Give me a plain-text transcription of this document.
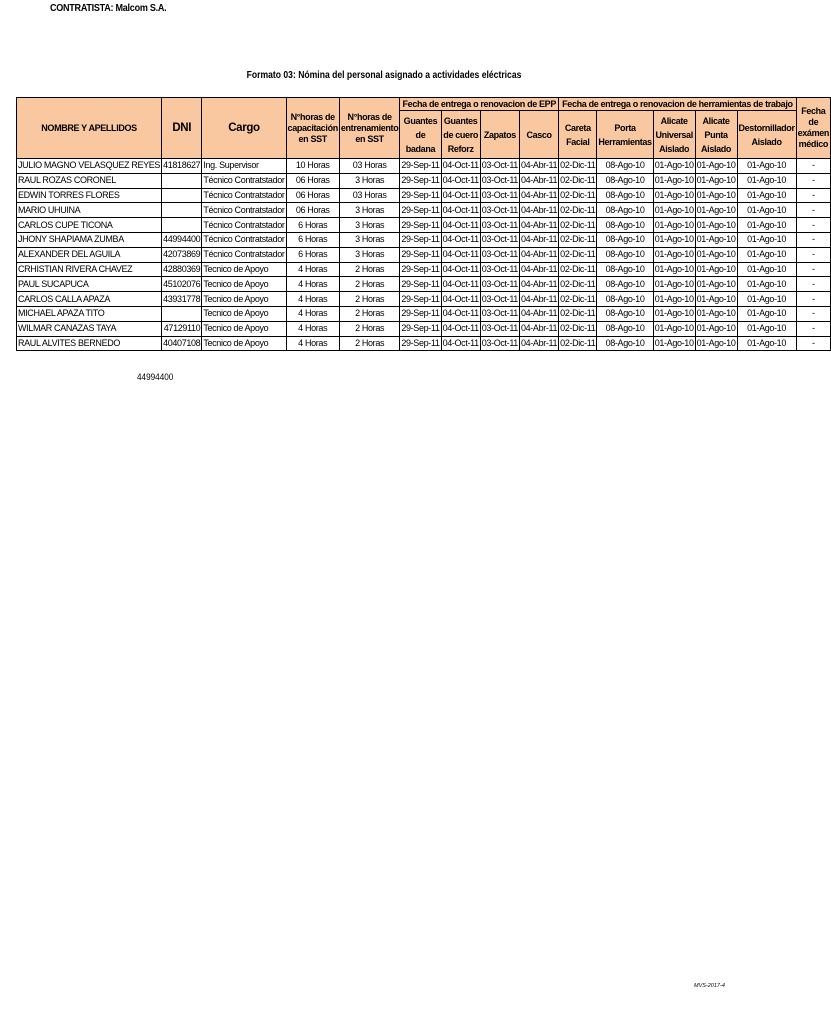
CONTRATISTA: Malcom S.A.
Formato 03: Nómina del personal asignado a actividades eléctricas
NOMBRE Y APELLIDOS	DNI	Cargo	N°horas de capacitación en SST	N°horas de entrenamiento en SST	Fecha de entrega o renovacion de EPP				Fecha de entrega o renovacion de herramientas de trabajo					Fecha de exámen médico
					Guantes de badana	Guantes de cuero Reforz	Zapatos	Casco	Careta Facial	Porta Herramientas	Alicate Universal Aislado	Alicate Punta Aislado	Destornillador Aislado	
JULIO MAGNO VELASQUEZ REYES	41818627	Ing. Supervisor	10 Horas	03 Horas	29-Sep-11	04-Oct-11	03-Oct-11	04-Abr-11	02-Dic-11	08-Ago-10	01-Ago-10	01-Ago-10	01-Ago-10	-
RAUL ROZAS CORONEL		Técnico Contratstador	06 Horas	3 Horas	29-Sep-11	04-Oct-11	03-Oct-11	04-Abr-11	02-Dic-11	08-Ago-10	01-Ago-10	01-Ago-10	01-Ago-10	-
EDWIN TORRES FLORES		Técnico Contratstador	06 Horas	03 Horas	29-Sep-11	04-Oct-11	03-Oct-11	04-Abr-11	02-Dic-11	08-Ago-10	01-Ago-10	01-Ago-10	01-Ago-10	-
MARIO UHUINA		Técnico Contratstador	06 Horas	3 Horas	29-Sep-11	04-Oct-11	03-Oct-11	04-Abr-11	02-Dic-11	08-Ago-10	01-Ago-10	01-Ago-10	01-Ago-10	-
CARLOS CUPE TICONA		Técnico Contratstador	6 Horas	3 Horas	29-Sep-11	04-Oct-11	03-Oct-11	04-Abr-11	02-Dic-11	08-Ago-10	01-Ago-10	01-Ago-10	01-Ago-10	-
JHONY SHAPIAMA ZUMBA	44994400	Técnico Contratstador	6 Horas	3 Horas	29-Sep-11	04-Oct-11	03-Oct-11	04-Abr-11	02-Dic-11	08-Ago-10	01-Ago-10	01-Ago-10	01-Ago-10	-
ALEXANDER DEL AGUILA	42073869	Técnico Contratstador	6 Horas	3 Horas	29-Sep-11	04-Oct-11	03-Oct-11	04-Abr-11	02-Dic-11	08-Ago-10	01-Ago-10	01-Ago-10	01-Ago-10	-
CRHISTIAN RIVERA CHAVEZ	42880369	Tecnico de Apoyo	4 Horas	2 Horas	29-Sep-11	04-Oct-11	03-Oct-11	04-Abr-11	02-Dic-11	08-Ago-10	01-Ago-10	01-Ago-10	01-Ago-10	-
PAUL SUCAPUCA	45102076	Tecnico de Apoyo	4 Horas	2 Horas	29-Sep-11	04-Oct-11	03-Oct-11	04-Abr-11	02-Dic-11	08-Ago-10	01-Ago-10	01-Ago-10	01-Ago-10	-
CARLOS CALLA APAZA	43931778	Tecnico de Apoyo	4 Horas	2 Horas	29-Sep-11	04-Oct-11	03-Oct-11	04-Abr-11	02-Dic-11	08-Ago-10	01-Ago-10	01-Ago-10	01-Ago-10	-
MICHAEL APAZA TITO		Tecnico de Apoyo	4 Horas	2 Horas	29-Sep-11	04-Oct-11	03-Oct-11	04-Abr-11	02-Dic-11	08-Ago-10	01-Ago-10	01-Ago-10	01-Ago-10	-
WILMAR CANAZAS TAYA	47129110	Tecnico de Apoyo	4 Horas	2 Horas	29-Sep-11	04-Oct-11	03-Oct-11	04-Abr-11	02-Dic-11	08-Ago-10	01-Ago-10	01-Ago-10	01-Ago-10	-
RAUL ALVITES BERNEDO	40407108	Tecnico de Apoyo	4 Horas	2 Horas	29-Sep-11	04-Oct-11	03-Oct-11	04-Abr-11	02-Dic-11	08-Ago-10	01-Ago-10	01-Ago-10	01-Ago-10	-
44994400
MVS-2017-4
